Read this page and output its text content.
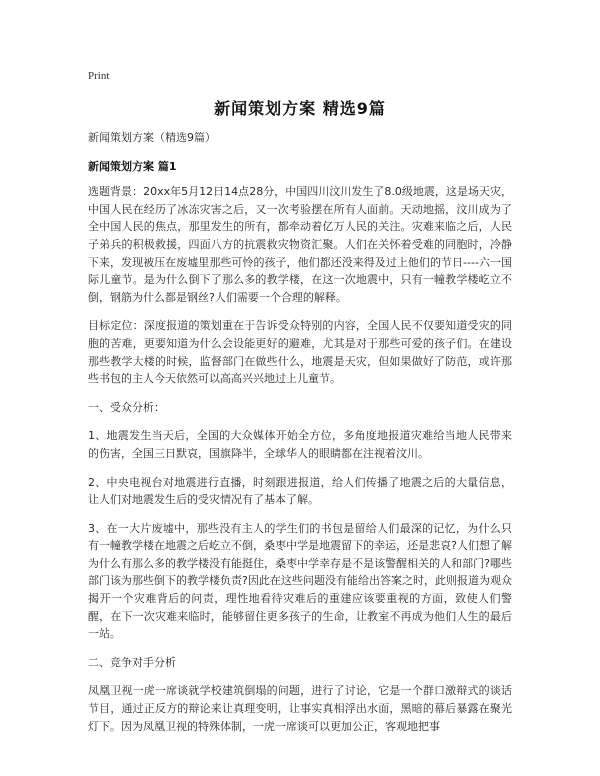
Print
新闻策划方案 精选9篇

新闻策划方案（精选9篇）

新闻策划方案 篇1

选题背景：20xx年5月12日14点28分，中国四川汶川发生了8.0级地震，这是场天灾，中国人民在经历了冰冻灾害之后，又一次考验摆在所有人面前。天动地摇，汶川成为了全中国人民的焦点，那里发生的所有，都牵动着亿万人民的关注。灾难来临之后，人民子弟兵的积极救援，四面八方的抗震救灾物资汇聚。人们在关怀着受难的同胞时，冷静下来，发现被压在废墟里那些可怜的孩子，他们都还没来得及过上他们的节日----六一国际儿童节。是为什么倒下了那么多的教学楼，在这一次地震中，只有一幢教学楼屹立不倒，钢筋为什么都是钢丝?人们需要一个合理的解释。

目标定位：深度报道的策划重在于告诉受众特别的内容，全国人民不仅要知道受灾的同胞的苦难，更要知道为什么会设能更好的避难，尤其是对于那些可爱的孩子们。在建设那些教学大楼的时候，监督部门在做些什么，地震是天灾，但如果做好了防范，或许那些书包的主人今天依然可以高高兴兴地过上儿童节。

一、受众分析：

1、地震发生当天后，全国的大众媒体开始全方位，多角度地报道灾难给当地人民带来的伤害，全国三日默哀，国旗降半，全球华人的眼睛都在注视着汶川。

2、中央电视台对地震进行直播，时刻跟进报道，给人们传播了地震之后的大量信息，让人们对地震发生后的受灾情况有了基本了解。

3、在一大片废墟中，那些没有主人的学生们的书包是留给人们最深的记忆，为什么只有一幢教学楼在地震之后屹立不倒，桑枣中学是地震留下的幸运，还是悲哀?人们想了解为什么有那么多的教学楼没有能挺住，桑枣中学幸存是不是该警醒相关的人和部门?哪些部门该为那些倒下的教学楼负责?因此在这些问题没有能给出答案之时，此则报道为观众揭开一个灾难背后的问责，理性地看待灾难后的重建应该要重视的方面，致使人们警醒，在下一次灾难来临时，能够留住更多孩子的生命，让教室不再成为他们人生的最后一站。

二、竞争对手分析

凤凰卫视一虎一席谈就学校建筑倒塌的问题，进行了讨论，它是一个群口激辩式的谈话节目，通过正反方的辩论来让真理变明，让事实真相浮出水面，黑暗的幕后暴露在聚光灯下。因为凤凰卫视的特殊体制，一虎一席谈可以更加公正，客观地把事
